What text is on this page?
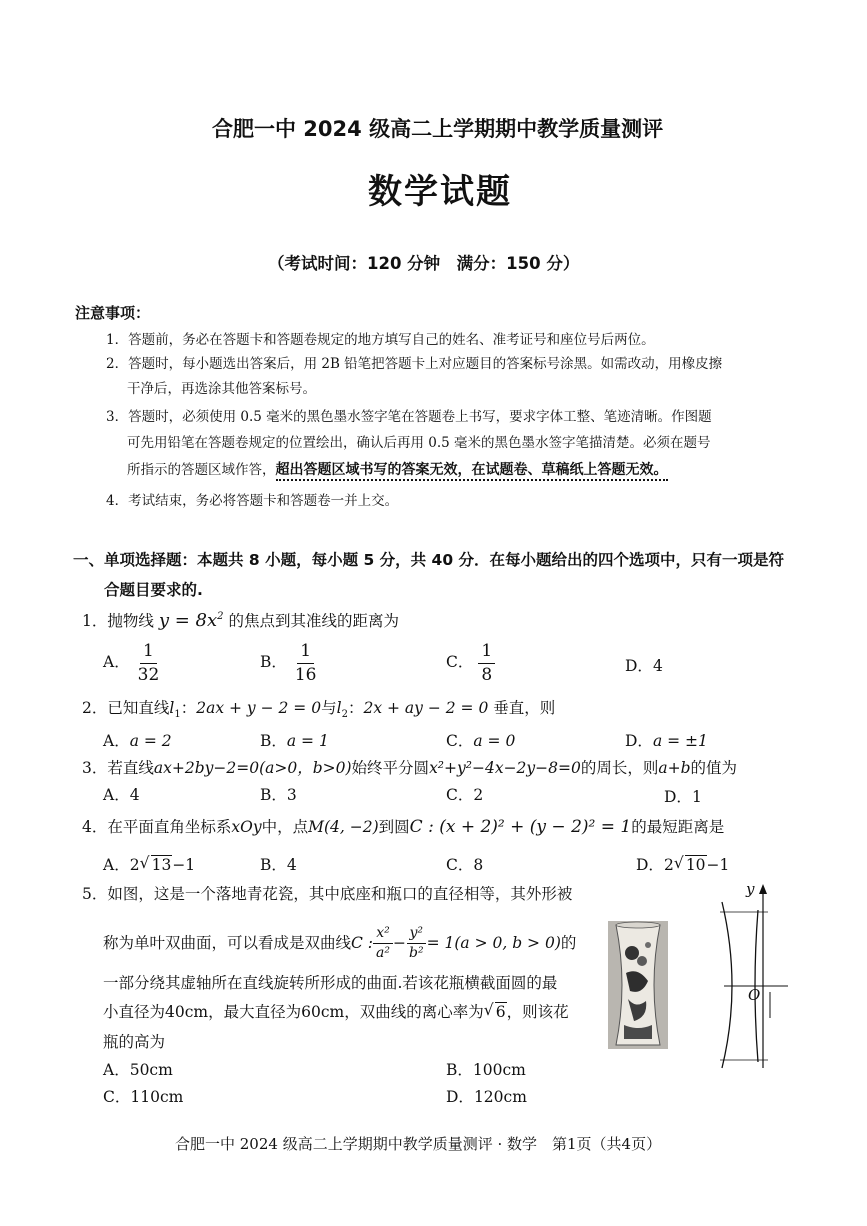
合肥一中 2024 级高二上学期期中教学质量测评
数学试题
（考试时间：120 分钟　满分：150 分）
注意事项：
1．答题前，务必在答题卡和答题卷规定的地方填写自己的姓名、准考证号和座位号后两位。
2．答题时，每小题选出答案后，用 2B 铅笔把答题卡上对应题目的答案标号涂黑。如需改动，用橡皮擦
干净后，再选涂其他答案标号。
3．答题时，必须使用 0.5 毫米的黑色墨水签字笔在答题卷上书写，要求字体工整、笔迹清晰。作图题
可先用铅笔在答题卷规定的位置绘出，确认后再用 0.5 毫米的黑色墨水签字笔描清楚。必须在题号
所指示的答题区域作答，超出答题区域书写的答案无效，在试题卷、草稿纸上答题无效。
4．考试结束，务必将答题卡和答题卷一并上交。
一、单项选择题：本题共 8 小题，每小题 5 分，共 40 分．在每小题给出的四个选项中，只有一项是符
合题目要求的.
1．抛物线 $y = 8x^2$ 的焦点到其准线的距离为
A． $\frac{1}{32}$	B． $\frac{1}{16}$	C． $\frac{1}{8}$	D．4
2．已知直线$l_1$：2ax + y − 2 = 0与$l_2$：2x + ay − 2 = 0 垂直，则
A．a = 2	B．a = 1	C．a = 0	D．a = ±1
3．若直线ax+2by−2=0(a>0，b>0)始终平分圆x²+y²−4x−2y−8=0的周长，则a+b的值为
A．4	B．3	C．2	D．1
4．在平面直角坐标系xOy中，点M(4, −2)到圆C : (x + 2)² + (y − 2)² = 1的最短距离是
A．2 √ 13−1	B．4	C．8	D．2 √ 10−1
5．如图，这是一个落地青花瓷，其中底座和瓶口的直径相等，其外形被
称为单叶双曲面，可以看成是双曲线C : $\frac{\text{x²}}{\text{a²}} - \frac{\text{y²}}{\text{b²}} = 1(a > 0$, b > 0)的
一部分绕其虚轴所在直线旋转所形成的曲面.若该花瓶横截面圆的最
小直径为40cm，最大直径为60cm，双曲线的离心率为 √ 6，则该花
瓶的高为
A．50cm	B．100cm
C．110cm	D．120cm
y
O
合肥一中 2024 级高二上学期期中教学质量测评 · 数学　第1页（共4页）
